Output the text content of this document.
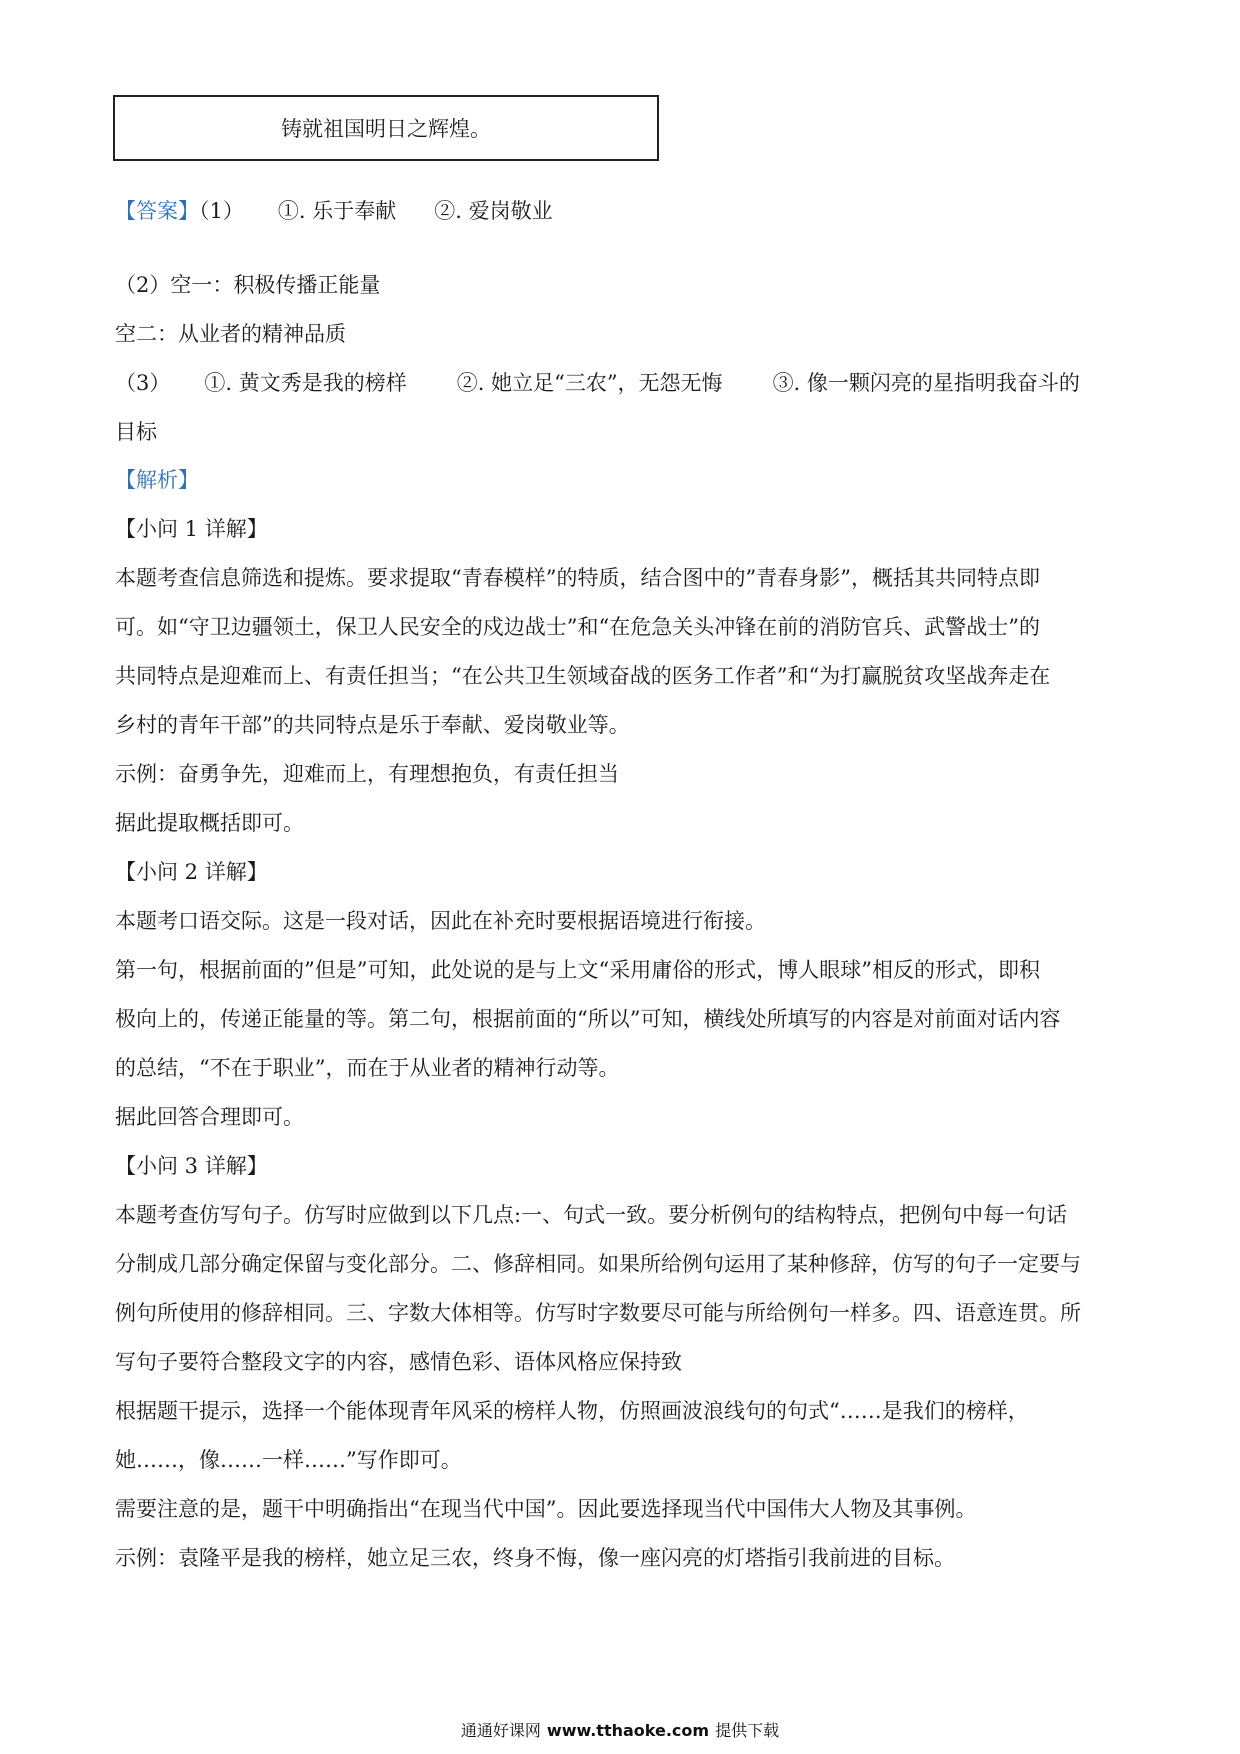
铸就祖国明日之辉煌。
【答案】（1） ①. 乐于奉献 ②. 爱岗敬业
（2）空一：积极传播正能量
空二：从业者的精神品质
（3） ①. 黄文秀是我的榜样 ②. 她立足“三农”，无怨无悔 ③. 像一颗闪亮的星指明我奋斗的
目标
【解析】
【小问 1 详解】
本题考查信息筛选和提炼。要求提取“青春模样”的特质，结合图中的”青春身影”，概括其共同特点即
可。如“守卫边疆领土，保卫人民安全的戍边战士”和“在危急关头冲锋在前的消防官兵、武警战士”的
共同特点是迎难而上、有责任担当；“在公共卫生领域奋战的医务工作者”和“为打赢脱贫攻坚战奔走在
乡村的青年干部”的共同特点是乐于奉献、爱岗敬业等。
示例：奋勇争先，迎难而上，有理想抱负，有责任担当
据此提取概括即可。
【小问 2 详解】
本题考口语交际。这是一段对话，因此在补充时要根据语境进行衔接。
第一句，根据前面的”但是”可知，此处说的是与上文“采用庸俗的形式，博人眼球”相反的形式，即积
极向上的，传递正能量的等。第二句，根据前面的“所以”可知，横线处所填写的内容是对前面对话内容
的总结，“不在于职业”，而在于从业者的精神行动等。
据此回答合理即可。
【小问 3 详解】
本题考查仿写句子。仿写时应做到以下几点:一、句式一致。要分析例句的结构特点，把例句中每一句话
分制成几部分确定保留与变化部分。二、修辞相同。如果所给例句运用了某种修辞，仿写的句子一定要与
例句所使用的修辞相同。三、字数大体相等。仿写时字数要尽可能与所给例句一样多。四、语意连贯。所
写句子要符合整段文字的内容，感情色彩、语体风格应保持致
根据题干提示，选择一个能体现青年风采的榜样人物，仿照画波浪线句的句式“……是我们的榜样，
她……，像……一样……”写作即可。
需要注意的是，题干中明确指出“在现当代中国”。因此要选择现当代中国伟大人物及其事例。
示例：袁隆平是我的榜样，她立足三农，终身不悔，像一座闪亮的灯塔指引我前进的目标。
通通好课网 www.tthaoke.com 提供下载
